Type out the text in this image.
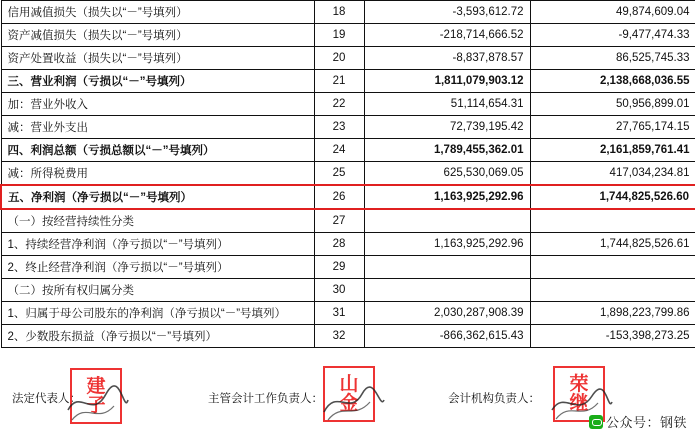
信用减值损失（损失以“－”号填列）	18	-3,593,612.72	49,874,609.04
资产减值损失（损失以“－”号填列）	19	-218,714,666.52	-9,477,474.33
资产处置收益（损失以“－”号填列）	20	-8,837,878.57	86,525,745.33
三、营业利润（亏损以“－”号填列）	21	1,811,079,903.12	2,138,668,036.55
加：营业外收入	22	51,114,654.31	50,956,899.01
减：营业外支出	23	72,739,195.42	27,765,174.15
四、利润总额（亏损总额以“－”号填列）	24	1,789,455,362.01	2,161,859,761.41
减：所得税费用	25	625,530,069.05	417,034,234.81
五、净利润（净亏损以“－”号填列）	26	1,163,925,292.96	1,744,825,526.60
（一）按经营持续性分类	27		
1、持续经营净利润（净亏损以“－”号填列）	28	1,163,925,292.96	1,744,825,526.61
2、终止经营净利润（净亏损以“－”号填列）	29		
（二）按所有权归属分类	30		
1、归属于母公司股东的净利润（净亏损以“－”号填列）	31	2,030,287,908.39	1,898,223,799.86
2、少数股东损益（净亏损以“－”号填列）	32	-866,362,615.43	-153,398,273.25
法定代表人：	主管会计工作负责人：	会计机构负责人：
建
子
山
金
荣
继
公众号：钢铁
